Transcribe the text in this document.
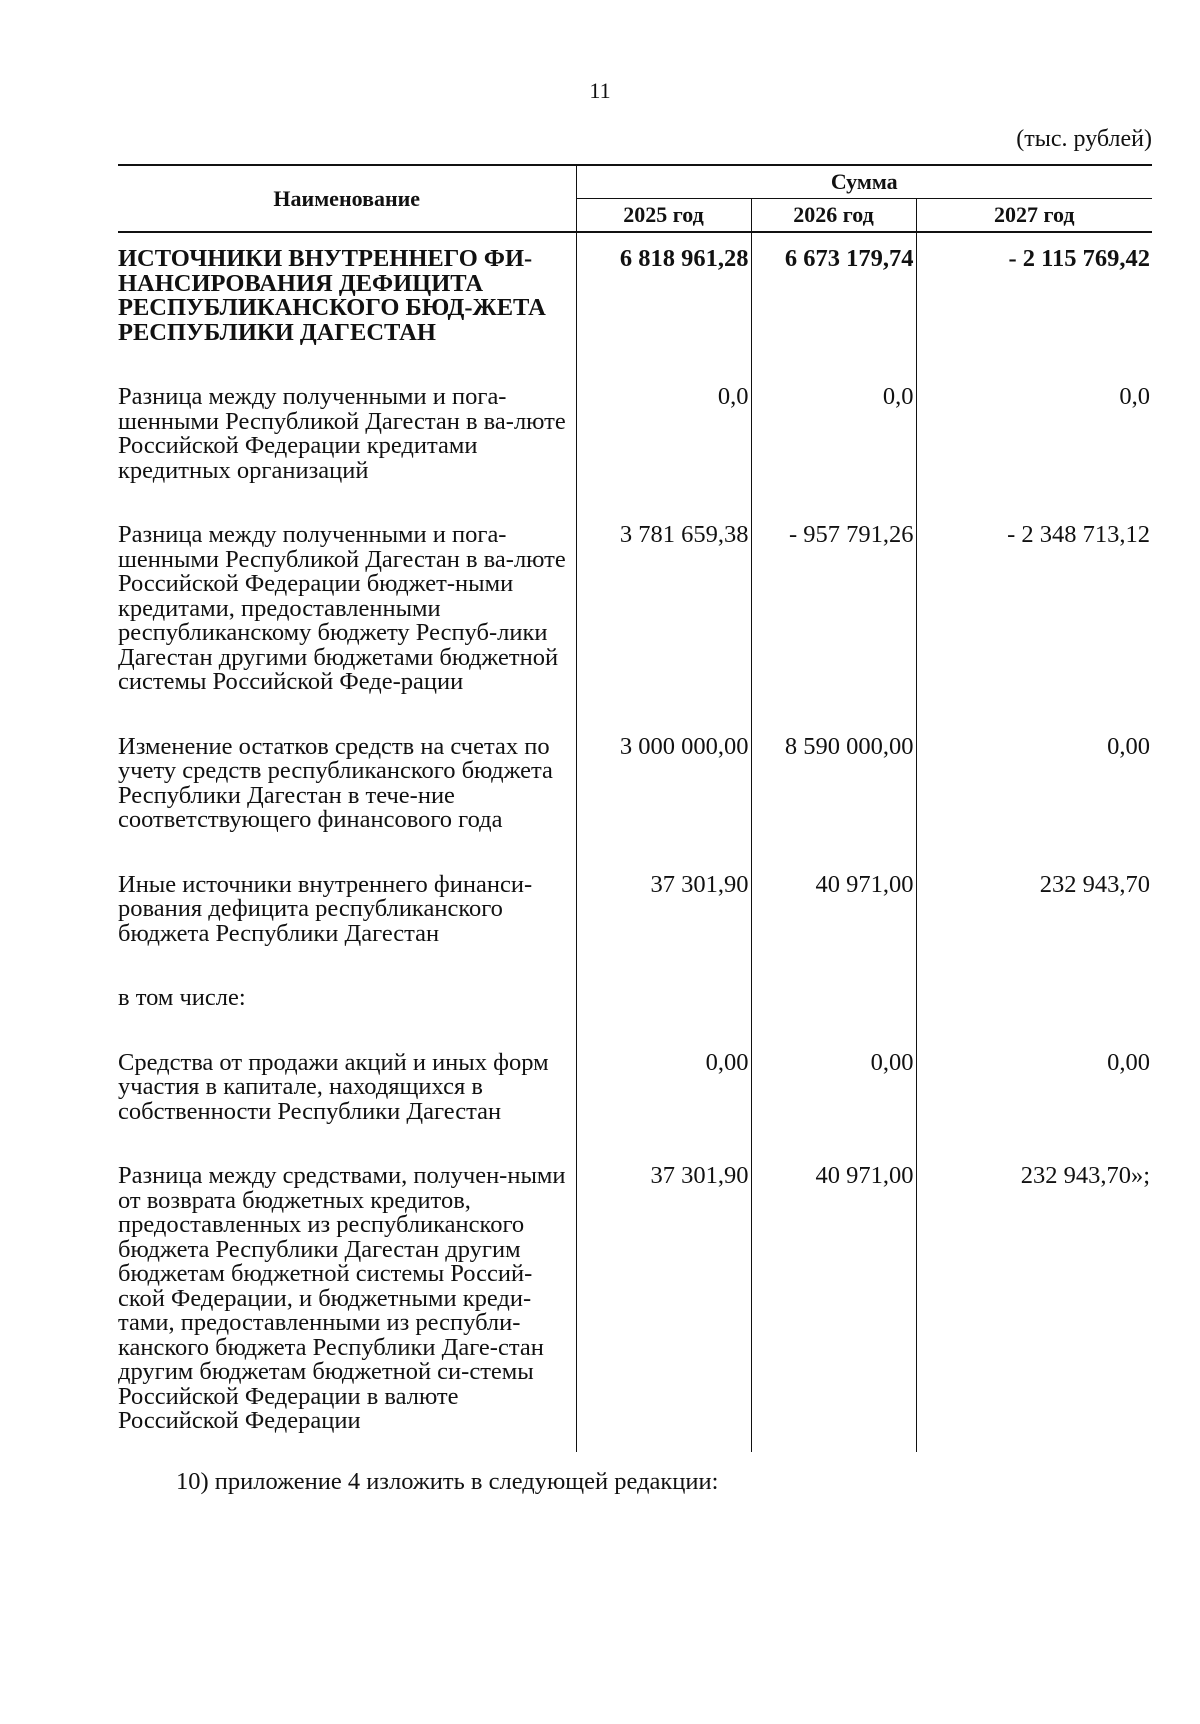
11
(тыс. рублей)
Наименование	Сумма		
	2025 год	2026 год	2027 год

ИСТОЧНИКИ ВНУТРЕННЕГО ФИ-НАНСИРОВАНИЯ ДЕФИЦИТА РЕСПУБЛИКАНСКОГО БЮД-ЖЕТА РЕСПУБЛИКИ ДАГЕСТАН	6 818 961,28	6 673 179,74	- 2 115 769,42

Разница между полученными и пога-шенными Республикой Дагестан в ва-люте Российской Федерации кредитами кредитных организаций	0,0	0,0	0,0

Разница между полученными и пога-шенными Республикой Дагестан в ва-люте Российской Федерации бюджет-ными кредитами, предоставленными республиканскому бюджету Респуб-лики Дагестан другими бюджетами бюджетной системы Российской Феде-рации	3 781 659,38	- 957 791,26	- 2 348 713,12

Изменение остатков средств на счетах по учету средств республиканского бюджета Республики Дагестан в тече-ние соответствующего финансового года	3 000 000,00	8 590 000,00	0,00

Иные источники внутреннего финанси-рования дефицита республиканского бюджета Республики Дагестан	37 301,90	40 971,00	232 943,70

в том числе:			

Средства от продажи акций и иных форм участия в капитале, находящихся в собственности Республики Дагестан	0,00	0,00	0,00

Разница между средствами, получен-ными от возврата бюджетных кредитов, предоставленных из республиканского бюджета Республики Дагестан другим бюджетам бюджетной системы Россий-ской Федерации, и бюджетными креди-тами, предоставленными из республи-канского бюджета Республики Даге-стан другим бюджетам бюджетной си-стемы Российской Федерации в валюте Российской Федерации	37 301,90	40 971,00	232 943,70»;

10) приложение 4 изложить в следующей редакции:
